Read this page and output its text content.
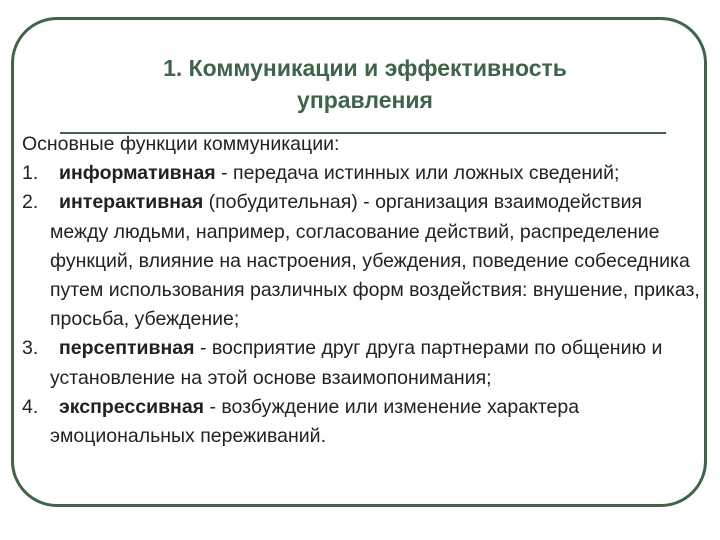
1. Коммуникации и эффективность
управления

Основные функции коммуникации:

1. информативная - передача истинных или ложных сведений;
2. интерактивная (побудительная) - организация взаимодействия между людьми, например, согласование действий, распределение функций, влияние на настроения, убеждения, поведение собеседника путем использования различных форм воздействия: внушение, приказ, просьба, убеждение;
3. персептивная - восприятие друг друга партнерами по общению и установление на этой основе взаимопонимания;
4. экспрессивная - возбуждение или изменение характера эмоциональных переживаний.
